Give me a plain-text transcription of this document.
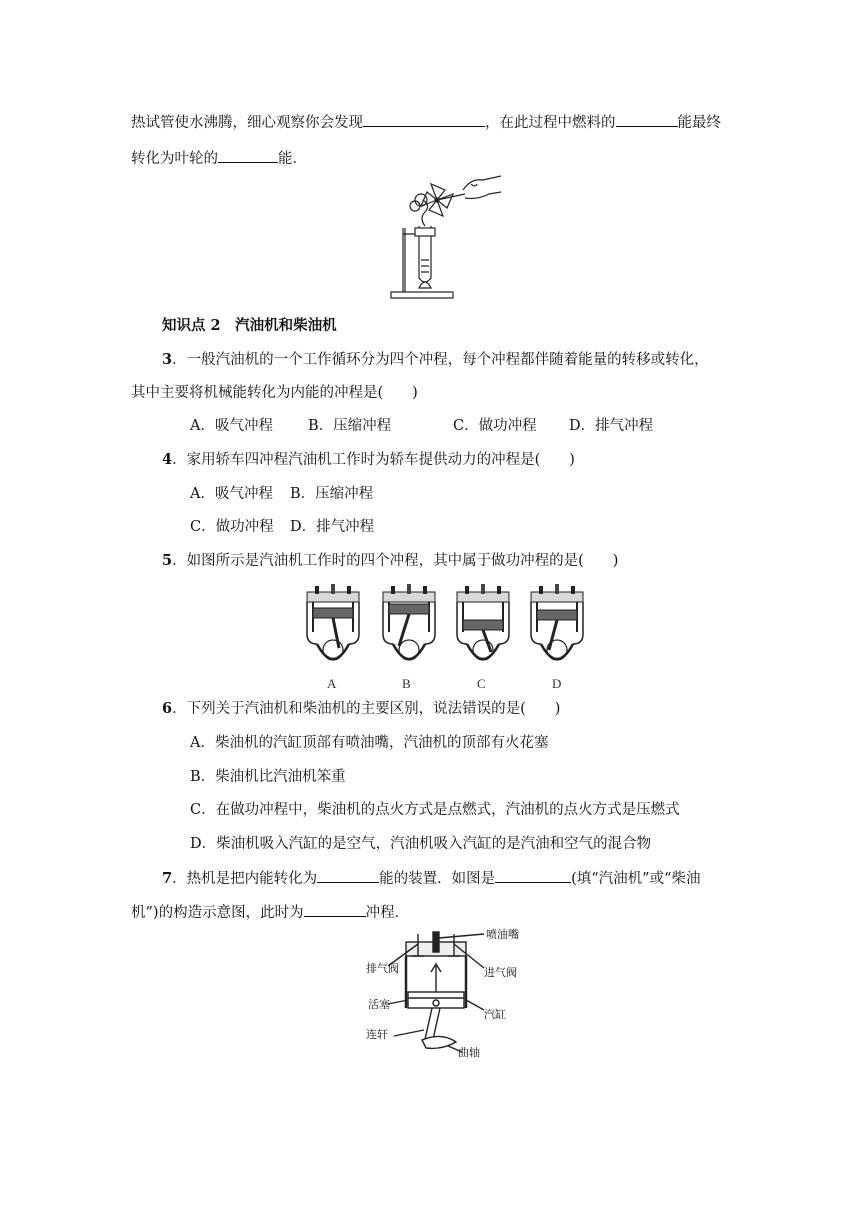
热试管使水沸腾，细心观察你会发现	，在此过程中燃料的	能最终
转化为叶轮的	能．
知识点 2　汽油机和柴油机
3．一般汽油机的一个工作循环分为四个冲程，每个冲程都伴随着能量的转移或转化，
其中主要将机械能转化为内能的冲程是(　　)
A．吸气冲程 B．压缩冲程	C．做功冲程 D．排气冲程
4．家用轿车四冲程汽油机工作时为轿车提供动力的冲程是(　　)
A．吸气冲程 B．压缩冲程
C．做功冲程 D．排气冲程
5．如图所示是汽油机工作时的四个冲程，其中属于做功冲程的是(　　)
A	B	C	D
6．下列关于汽油机和柴油机的主要区别，说法错误的是(　　)
A．柴油机的汽缸顶部有喷油嘴，汽油机的顶部有火花塞
B．柴油机比汽油机笨重
C．在做功冲程中，柴油机的点火方式是点燃式，汽油机的点火方式是压燃式
D．柴油机吸入汽缸的是空气，汽油机吸入汽缸的是汽油和空气的混合物
7．热机是把内能转化为	能的装置．如图是	(填“汽油机”或“柴油
机”)的构造示意图，此时为	冲程．
喷油嘴
排气阀	进气阀
活塞
汽缸
连轩
曲轴
